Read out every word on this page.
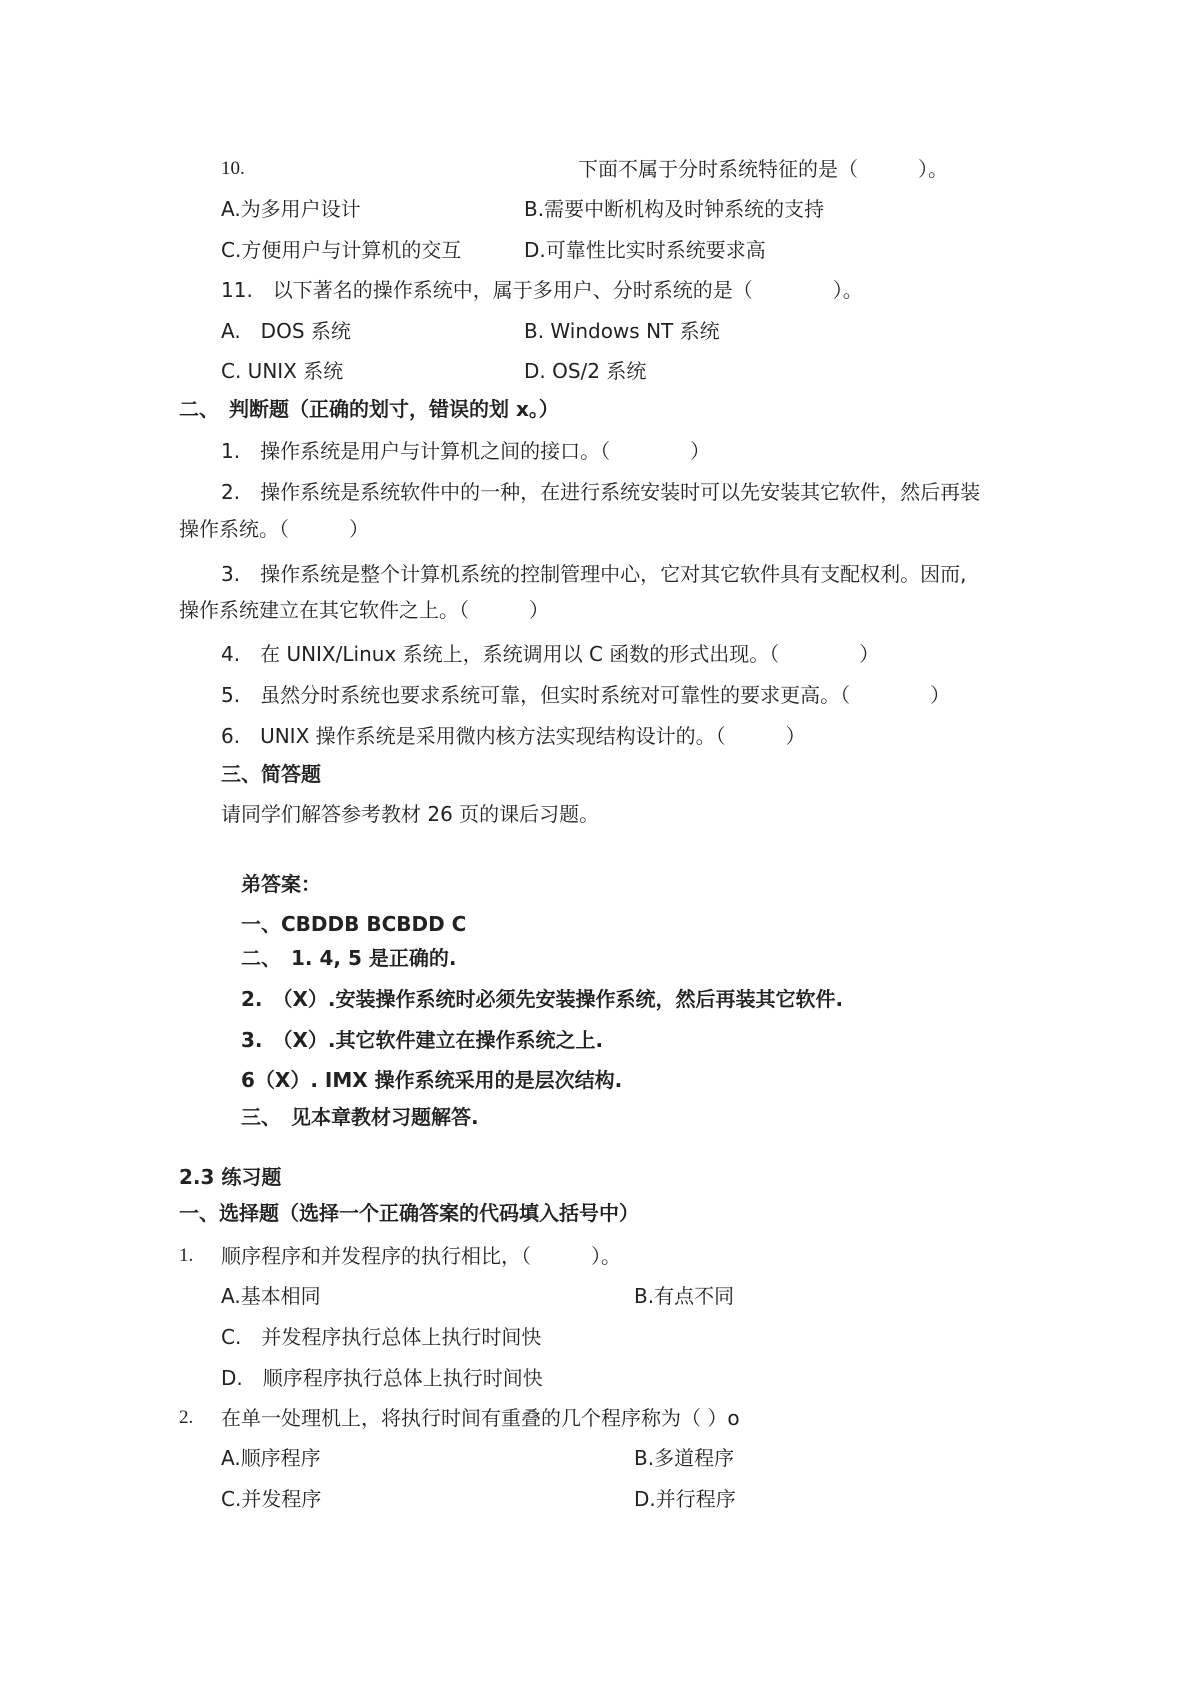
10.	下面不属于分时系统特征的是（　　　）。
A.为多用户设计	B.需要中断机构及时钟系统的支持
C.方便用户与计算机的交互	D.可靠性比实时系统要求高
11.　以下著名的操作系统中，属于多用户、分时系统的是（　　　　）。
A.　DOS 系统	B. Windows NT 系统
C. UNIX 系统	D. OS/2 系统
二、　判断题（正确的划寸，错误的划 x。）
1.　操作系统是用户与计算机之间的接口。（　　　　）
2.　操作系统是系统软件中的一种，在进行系统安装时可以先安装其它软件，然后再装
操作系统。（　　　）
3.　操作系统是整个计算机系统的控制管理中心，它对其它软件具有支配权利。因而,
操作系统建立在其它软件之上。（　　　）
4.　在 UNIX/Linux 系统上，系统调用以 C 函数的形式出现。（　　　　）
5.　虽然分时系统也要求系统可靠，但实时系统对可靠性的要求更高。（　　　　）
6.　UNIX 操作系统是采用微内核方法实现结构设计的。（　　　）
三、简答题
请同学们解答参考教材 26 页的课后习题。
弟答案：
一、CBDDB BCBDD C
二、　1. 4, 5 是正确的.
2.　（X）.安装操作系统时必须先安装操作系统，然后再装其它软件.
3.　（X）.其它软件建立在操作系统之上.
6（X）. IMX 操作系统采用的是层次结构.
三、　见本章教材习题解答.
2.3 练习题
一、选择题（选择一个正确答案的代码填入括号中）
1. 顺序程序和并发程序的执行相比，（　　　）。
A.基本相同	B.有点不同
C.　并发程序执行总体上执行时间快
D.　顺序程序执行总体上执行时间快
2. 在单一处理机上，将执行时间有重叠的几个程序称为（ ）o
A.顺序程序	B.多道程序
C.并发程序	D.并行程序
